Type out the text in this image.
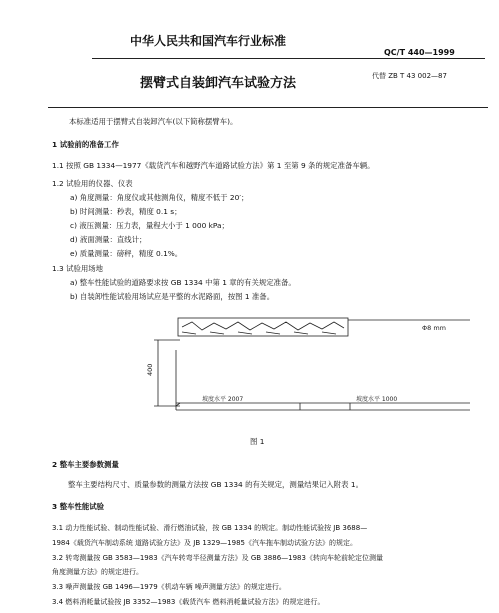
中华人民共和国汽车行业标准
QC/T 440—1999
摆臂式自装卸汽车试验方法	代替 ZB T 43 002—87
本标准适用于摆臂式自装卸汽车(以下简称摆臂车)。
1 试验前的准备工作
1.1 按照 GB 1334—1977《载货汽车和越野汽车道路试验方法》第 1 至第 9 条的规定准备车辆。
1.2 试验用的仪器、仪表
a) 角度测量：角度仪或其他测角仪，精度不低于 20′；
b) 时间测量：秒表，精度 0.1 s；
c) 液压测量：压力表，量程大小于 1 000 kPa；
d) 液面测量：直线计；
e) 质量测量：磅秤，精度 0.1%。
1.3 试验用场地
a) 整车性能试验的道路要求按 GB 1334 中第 1 章的有关规定准备。
b) 自装卸性能试验用场试应是平整的水泥路面，按图 1 准备。
Φ8 mm
400
坡度水平 2007	坡度水平 1000
图 1
2 整车主要参数测量
整车主要结构尺寸、质量参数的测量方法按 GB 1334 的有关规定，测量结果记入附表 1。
3 整车性能试验
3.1 动力性能试验、制动性能试验、滑行燃油试验，按 GB 1334 的规定。制动性能试验按 JB 3688—
1984《载货汽车制动系统 道路试验方法》及 JB 1329—1985《汽车拖车制动试验方法》的规定。
3.2 转弯测量按 GB 3583—1983《汽车转弯半径测量方法》及 GB 3886—1983《转向车轮前轮定位测量
角度测量方法》的规定进行。
3.3 噪声测量按 GB 1496—1979《机动车辆 噪声测量方法》的规定进行。
3.4 燃料消耗量试验按 JB 3352—1983《载货汽车 燃料消耗量试验方法》的规定进行。
